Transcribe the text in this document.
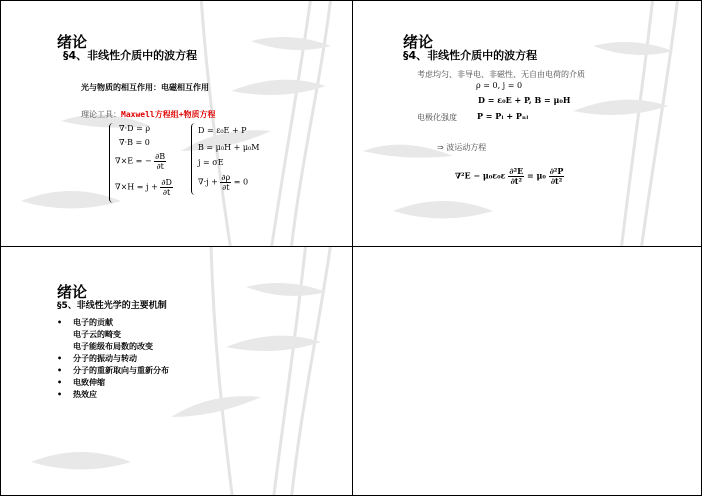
绪论
§4、非线性介质中的波方程
光与物质的相互作用：电磁相互作用
理论工具：Maxwell方程组+物质方程
∇·D = ρ
∇·B = 0
∇×E = − $\frac{\partial B}{\partial t}$
$\nabla\times H = j + \frac{\partial D}{\partial t}$
D = ε₀E + P
B = μ₀H + μ₀M
j = σE
$\nabla\cdot j + \frac{\partial\rho}{\partial t} = 0$
绪论
§4、非线性介质中的波方程
考虑均匀、非导电、非磁性、无自由电荷的介质
ρ = 0, j = 0
D = ε₀E + P, B = μ₀H
电极化强度	P = Pₗ + Pₙₗ
⇒ 波运动方程
$\nabla^2E - \mu_0\varepsilon_0\varepsilon \frac{\text{∂²E}}{\text{∂t²}} = \mu_0 \frac{\text{∂²P}}{\text{∂t²}}$
绪论
§5、非线性光学的主要机制
• 电子的贡献
电子云的畸变
电子能级布局数的改变
• 分子的振动与转动
• 分子的重新取向与重新分布
• 电致伸缩
• 热效应
